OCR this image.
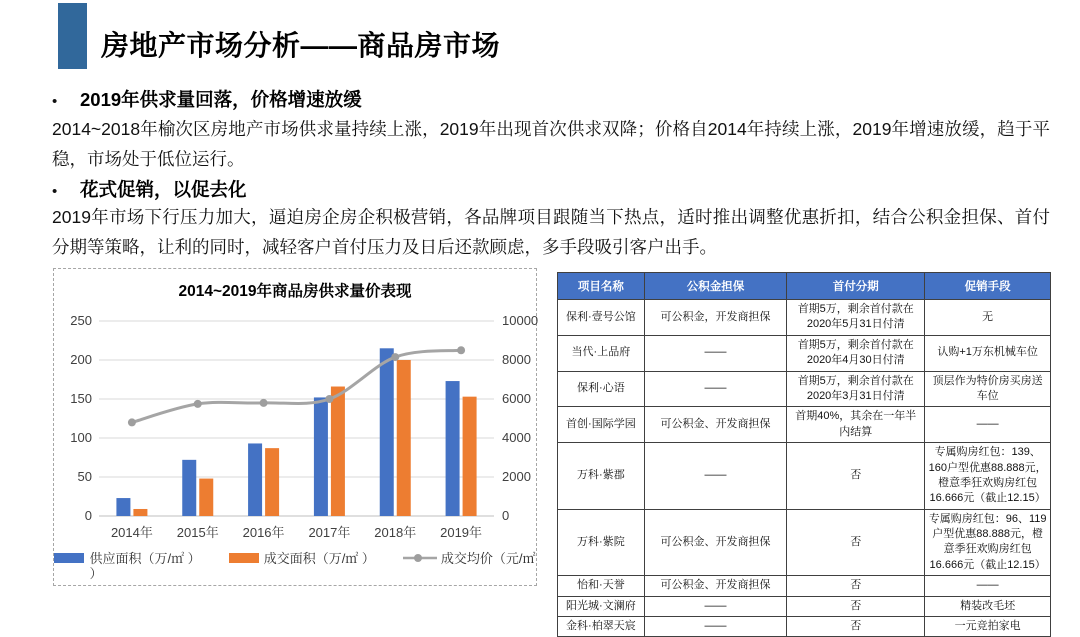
房地产市场分析——商品房市场
•	2019年供求量回落，价格增速放缓

2014~2018年榆次区房地产市场供求量持续上涨，2019年出现首次供求双降；价格自2014年持续上涨，2019年增速放缓，趋于平稳，市场处于低位运行。

•	花式促销，以促去化

2019年市场下行压力加大，逼迫房企房企积极营销，各品牌项目跟随当下热点，适时推出调整优惠折扣，结合公积金担保、首付分期等策略，让利的同时，减轻客户首付压力及日后还款顾虑，多手段吸引客户出手。

2014~2019年商品房供求量价表现
0	0
50	2000
100	4000
150	6000
200	8000
250	10000
2014年 2015年 2016年 2017年 2018年 2019年
供应面积（万/㎡ ）
）
成交面积（万/㎡ ）	成交均价（元/㎡
项目名称	公积金担保	首付分期	促销手段
保利·壹号公馆	可公积金，开发商担保	首期5万，剩余首付款在2020年5月31日付清	无
当代·上品府	——	首期5万，剩余首付款在2020年4月30日付清	认购+1万东机械车位
保利·心语	——	首期5万，剩余首付款在2020年3月31日付清	顶层作为特价房买房送车位
首创·国际学园	可公积金、开发商担保	首期40%，其余在一年半内结算	——
万科·紫郡	——	否	专属购房红包：139、160户型优惠88.888元，橙意季狂欢购房红包16.666元（截止12.15）
万科·紫院	可公积金、开发商担保	否	专属购房红包：96、119户型优惠88.888元，橙意季狂欢购房红包16.666元（截止12.15）
怡和·天誉	可公积金、开发商担保	否	——
阳光城·文澜府	——	否	精装改毛坯
金科·柏翠天宸	——	否	一元竞拍家电
